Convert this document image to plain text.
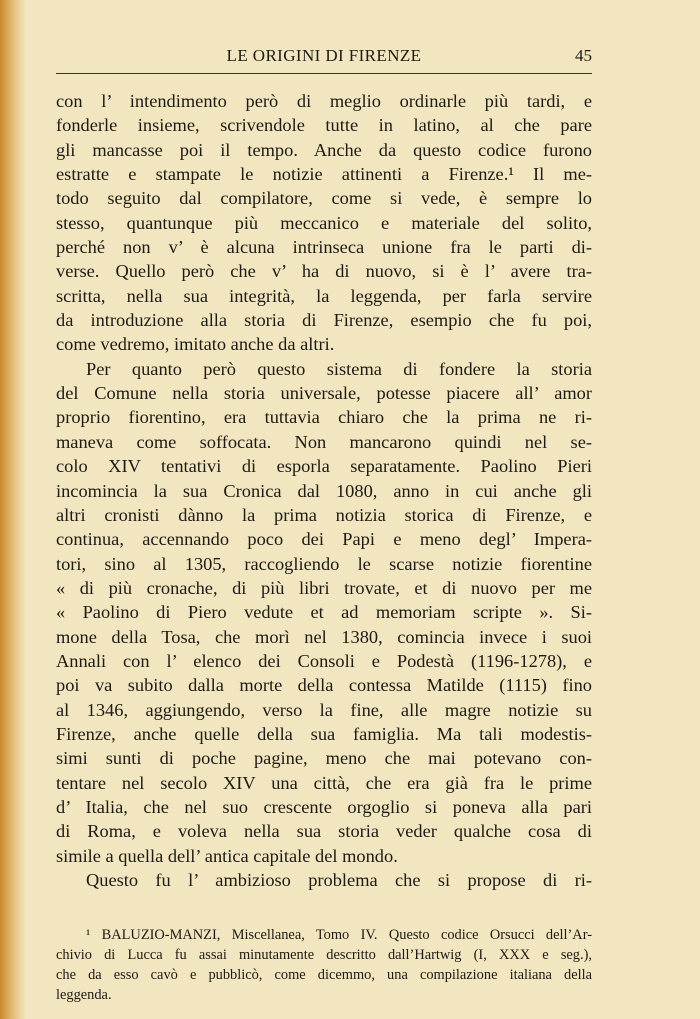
LE ORIGINI DI FIRENZE	45
con l’ intendimento però di meglio ordinarle più tardi, e
fonderle insieme, scrivendole tutte in latino, al che pare
gli mancasse poi il tempo. Anche da questo codice furono
estratte e stampate le notizie attinenti a Firenze.¹ Il me-
todo seguito dal compilatore, come si vede, è sempre lo
stesso, quantunque più meccanico e materiale del solito,
perché non v’ è alcuna intrinseca unione fra le parti di-
verse. Quello però che v’ ha di nuovo, si è l’ avere tra-
scritta, nella sua integrità, la leggenda, per farla servire
da introduzione alla storia di Firenze, esempio che fu poi,
come vedremo, imitato anche da altri.
Per quanto però questo sistema di fondere la storia
del Comune nella storia universale, potesse piacere all’ amor
proprio fiorentino, era tuttavia chiaro che la prima ne ri-
maneva come soffocata. Non mancarono quindi nel se-
colo XIV tentativi di esporla separatamente. Paolino Pieri
incomincia la sua Cronica dal 1080, anno in cui anche gli
altri cronisti dànno la prima notizia storica di Firenze, e
continua, accennando poco dei Papi e meno degl’ Impera-
tori, sino al 1305, raccogliendo le scarse notizie fiorentine
« di più cronache, di più libri trovate, et di nuovo per me
« Paolino di Piero vedute et ad memoriam scripte ». Si-
mone della Tosa, che morì nel 1380, comincia invece i suoi
Annali con l’ elenco dei Consoli e Podestà (1196-1278), e
poi va subito dalla morte della contessa Matilde (1115) fino
al 1346, aggiungendo, verso la fine, alle magre notizie su
Firenze, anche quelle della sua famiglia. Ma tali modestis-
simi sunti di poche pagine, meno che mai potevano con-
tentare nel secolo XIV una città, che era già fra le prime
d’ Italia, che nel suo crescente orgoglio si poneva alla pari
di Roma, e voleva nella sua storia veder qualche cosa di
simile a quella dell’ antica capitale del mondo.
Questo fu l’ ambizioso problema che si propose di ri-
¹ BALUZIO-MANZI, Miscellanea, Tomo IV. Questo codice Orsucci dell’Ar-
chivio di Lucca fu assai minutamente descritto dall’Hartwig (I, XXX e seg.),
che da esso cavò e pubblicò, come dicemmo, una compilazione italiana della
leggenda.
